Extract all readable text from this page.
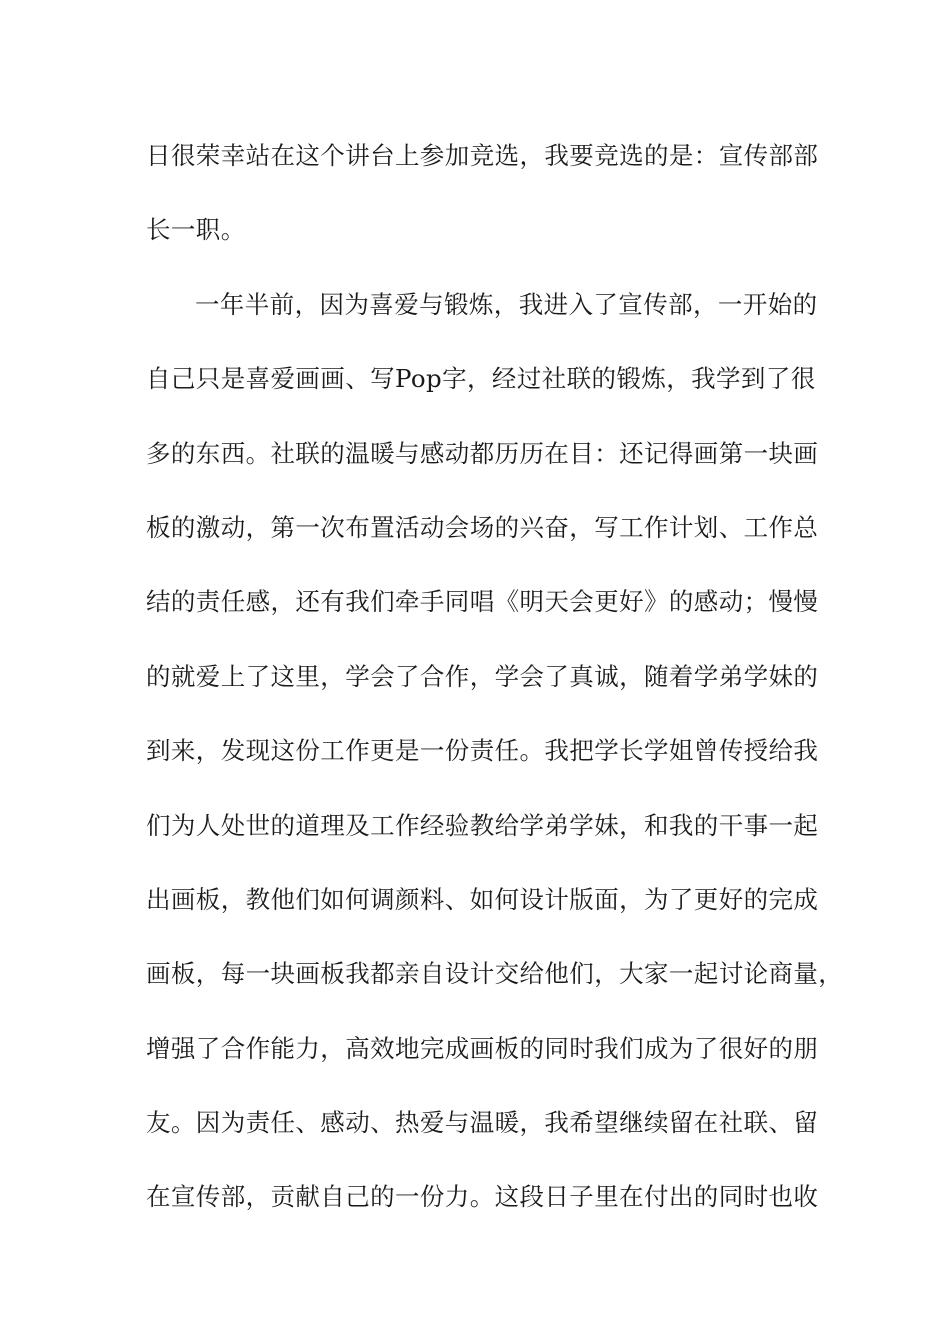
日很荣幸站在这个讲台上参加竞选，我要竞选的是：宣传部部
长一职。
一年半前，因为喜爱与锻炼，我进入了宣传部，一开始的
自己只是喜爱画画、写Pop字，经过社联的锻炼，我学到了很
多的东西。社联的温暖与感动都历历在目：还记得画第一块画
板的激动，第一次布置活动会场的兴奋，写工作计划、工作总
结的责任感，还有我们牵手同唱《明天会更好》的感动；慢慢
的就爱上了这里，学会了合作，学会了真诚，随着学弟学妹的
到来，发现这份工作更是一份责任。我把学长学姐曾传授给我
们为人处世的道理及工作经验教给学弟学妹，和我的干事一起
出画板，教他们如何调颜料、如何设计版面，为了更好的完成
画板，每一块画板我都亲自设计交给他们，大家一起讨论商量，
增强了合作能力，高效地完成画板的同时我们成为了很好的朋
友。因为责任、感动、热爱与温暖，我希望继续留在社联、留
在宣传部，贡献自己的一份力。这段日子里在付出的同时也收
